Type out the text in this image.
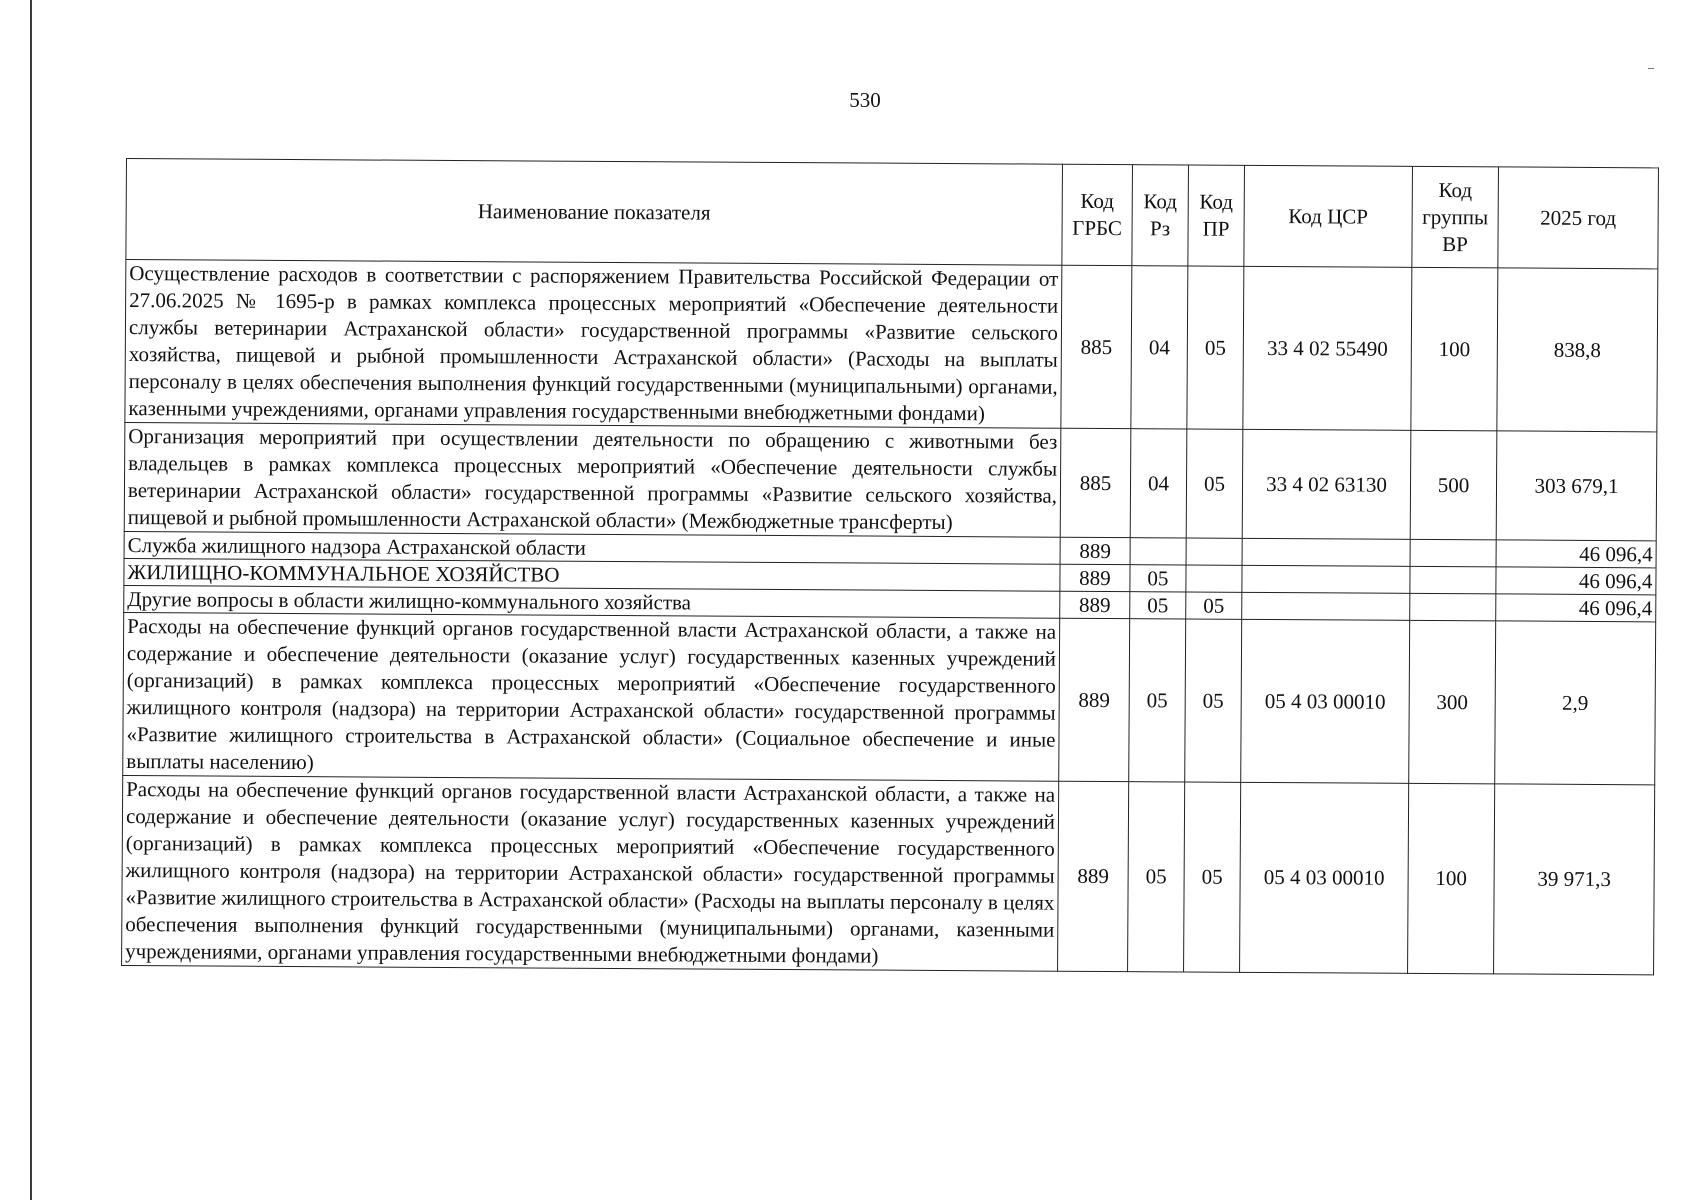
530
Наименование показателя	Код ГРБС	Код Рз	Код ПР	Код ЦСР	Код группы ВР	2025 год
Осуществление расходов в соответствии с распоряжением Правительства Российской Федерации от 27.06.2025 № 1695-р в рамках комплекса процессных мероприятий «Обеспечение деятельности службы ветеринарии Астраханской области» государственной программы «Развитие сельского хозяйства, пищевой и рыбной промышленности Астраханской области» (Расходы на выплаты персоналу в целях обеспечения выполнения функций государственными (муниципальными) органами, казенными учреждениями, органами управления государственными внебюджетными фондами)	885	04	05	33 4 02 55490	100	838,8
Организация мероприятий при осуществлении деятельности по обращению с животными без владельцев в рамках комплекса процессных мероприятий «Обеспечение деятельности службы ветеринарии Астраханской области» государственной программы «Развитие сельского хозяйства, пищевой и рыбной промышленности Астраханской области» (Межбюджетные трансферты)	885	04	05	33 4 02 63130	500	303 679,1
Служба жилищного надзора Астраханской области	889					46 096,4
ЖИЛИЩНО-КОММУНАЛЬНОЕ ХОЗЯЙСТВО	889	05				46 096,4
Другие вопросы в области жилищно-коммунального хозяйства	889	05	05			46 096,4
Расходы на обеспечение функций органов государственной власти Астраханской области, а также на содержание и обеспечение деятельности (оказание услуг) государственных казенных учреждений (организаций) в рамках комплекса процессных мероприятий «Обеспечение государственного жилищного контроля (надзора) на территории Астраханской области» государственной программы «Развитие жилищного строительства в Астраханской области» (Социальное обеспечение и иные выплаты населению)	889	05	05	05 4 03 00010	300	2,9
Расходы на обеспечение функций органов государственной власти Астраханской области, а также на содержание и обеспечение деятельности (оказание услуг) государственных казенных учреждений (организаций) в рамках комплекса процессных мероприятий «Обеспечение государственного жилищного контроля (надзора) на территории Астраханской области» государственной программы «Развитие жилищного строительства в Астраханской области» (Расходы на выплаты персоналу в целях обеспечения выполнения функций государственными (муниципальными) органами, казенными учреждениями, органами управления государственными внебюджетными фондами)	889	05	05	05 4 03 00010	100	39 971,3
